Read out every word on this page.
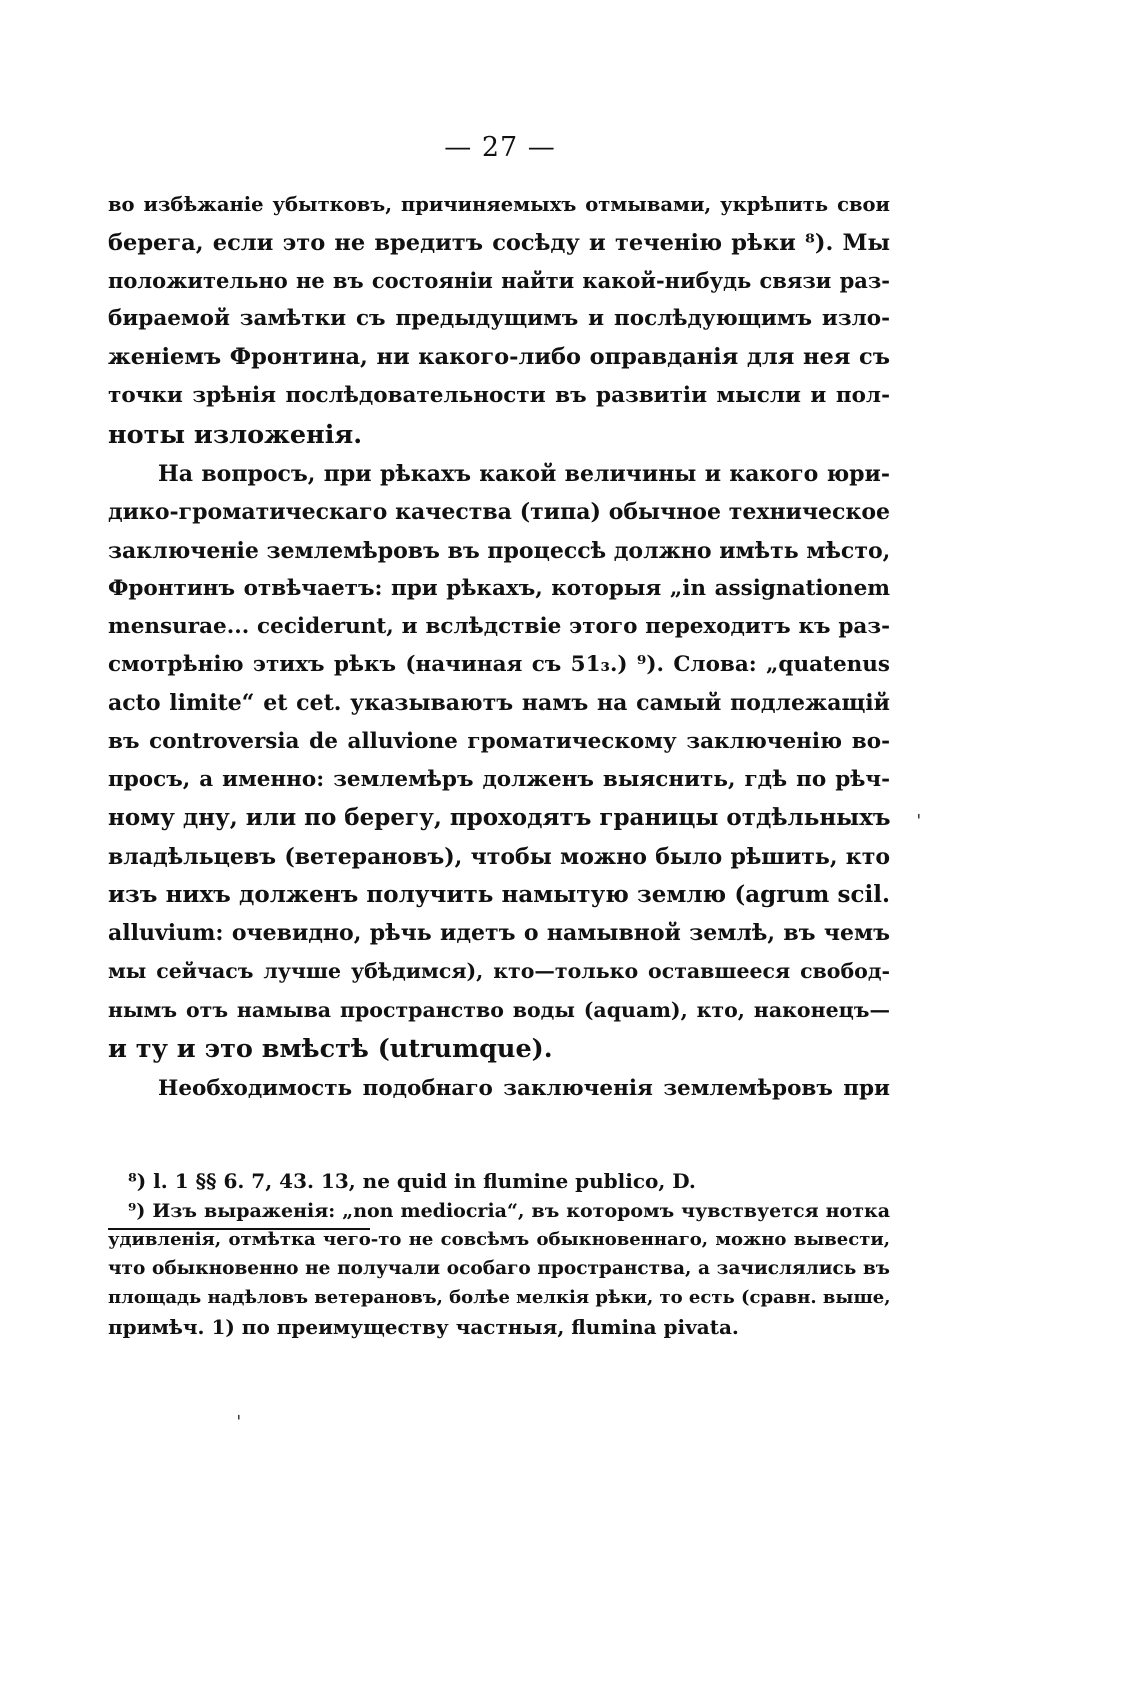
— 27 —
во избѣжаніе убытковъ, причиняемыхъ отмывами, укрѣпить свои
берега, если это не вредитъ сосѣду и теченію рѣки ⁸). Мы
положительно не въ состояніи найти какой-нибудь связи раз-
бираемой замѣтки съ предыдущимъ и послѣдующимъ изло-
женіемъ Фронтина, ни какого-либо оправданія для нея съ
точки зрѣнія послѣдовательности въ развитіи мысли и пол-
ноты изложенія.
На вопросъ, при рѣкахъ какой величины и какого юри-
дико-громатическаго качества (типа) обычное техническое
заключеніе землемѣровъ въ процессѣ должно имѣть мѣсто,
Фронтинъ отвѣчаетъ: при рѣкахъ, которыя „in assignationem
mensurae... ceciderunt, и вслѣдствіе этого переходитъ къ раз-
смотрѣнію этихъ рѣкъ (начиная съ 51₃.) ⁹). Слова: „quatenus
acto limite“ et cet. указываютъ намъ на самый подлежащій
въ controversia de alluvione громатическому заключенію во-
просъ, а именно: землемѣръ долженъ выяснить, гдѣ по рѣч-
ному дну, или по берегу, проходятъ границы отдѣльныхъ
владѣльцевъ (ветерановъ), чтобы можно было рѣшить, кто
изъ нихъ долженъ получить намытую землю (agrum scil.
alluvium: очевидно, рѣчь идетъ о намывной землѣ, въ чемъ
мы сейчасъ лучше убѣдимся), кто—только оставшееся свобод-
нымъ отъ намыва пространство воды (aquam), кто, наконецъ—
и ту и это вмѣстѣ (utrumque).
Необходимость подобнаго заключенія землемѣровъ при
⁸) l. 1 §§ 6. 7, 43. 13, ne quid in flumine publico, D.
⁹) Изъ выраженія: „non mediocria“, въ которомъ чувствуется нотка
удивленія, отмѣтка чего-то не совсѣмъ обыкновеннаго, можно вывести,
что обыкновенно не получали особаго пространства, а зачислялись въ
площадь надѣловъ ветерановъ, болѣе мелкія рѣки, то есть (сравн. выше,
примѣч. 1) по преимуществу частныя, flumina pivata.
ˈ
ˌ
